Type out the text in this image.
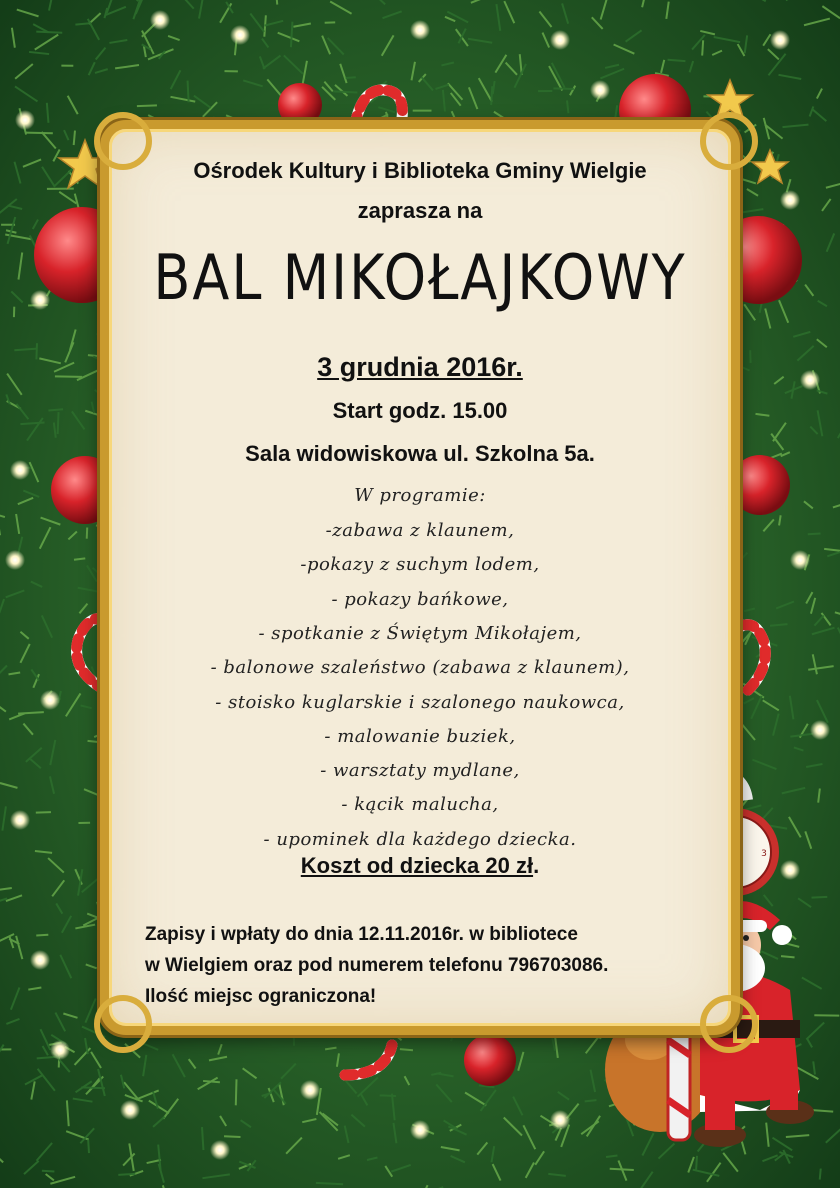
3
Ośrodek Kultury i Biblioteka Gminy Wielgie
zaprasza na
BAL MIKOŁAJKOWY
3 grudnia 2016r.
Start godz. 15.00
Sala widowiskowa ul. Szkolna 5a.
W programie:
-zabawa z klaunem,
-pokazy z suchym lodem,
- pokazy bańkowe,
- spotkanie z Świętym Mikołajem,
- balonowe szaleństwo (zabawa z klaunem),
- stoisko kuglarskie i szalonego naukowca,
- malowanie buziek,
- warsztaty mydlane,
- kącik malucha,
- upominek dla każdego dziecka.
Koszt od dziecka 20 zł.
Zapisy i wpłaty do dnia 12.11.2016r. w bibliotece
w Wielgiem oraz pod numerem telefonu 796703086.
Ilość miejsc ograniczona!
